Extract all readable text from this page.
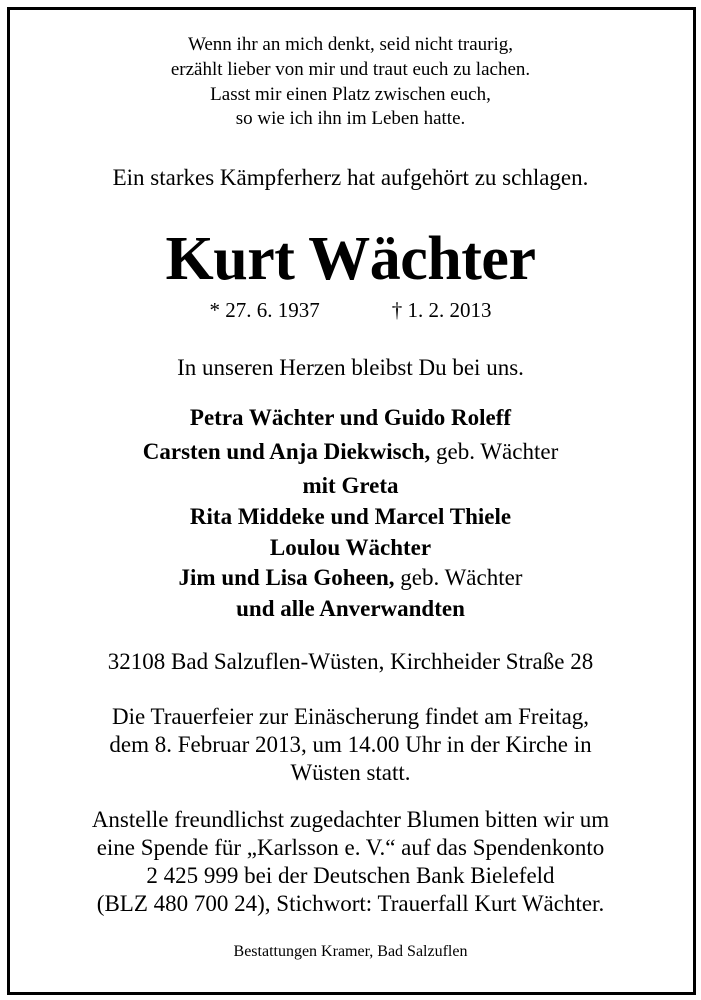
Wenn ihr an mich denkt, seid nicht traurig,
erzählt lieber von mir und traut euch zu lachen.
Lasst mir einen Platz zwischen euch,
so wie ich ihn im Leben hatte.
Ein starkes Kämpferherz hat aufgehört zu schlagen.
Kurt Wächter
* 27. 6. 1937	† 1. 2. 2013
In unseren Herzen bleibst Du bei uns.
Petra Wächter und Guido Roleff
Carsten und Anja Diekwisch, geb. Wächter
mit Greta
Rita Middeke und Marcel Thiele
Loulou Wächter
Jim und Lisa Goheen, geb. Wächter
und alle Anverwandten
32108 Bad Salzuflen-Wüsten, Kirchheider Straße 28
Die Trauerfeier zur Einäscherung findet am Freitag,
dem 8. Februar 2013, um 14.00 Uhr in der Kirche in
Wüsten statt.
Anstelle freundlichst zugedachter Blumen bitten wir um
eine Spende für „Karlsson e. V.“ auf das Spendenkonto
2 425 999 bei der Deutschen Bank Bielefeld
(BLZ 480 700 24), Stichwort: Trauerfall Kurt Wächter.
Bestattungen Kramer, Bad Salzuflen
